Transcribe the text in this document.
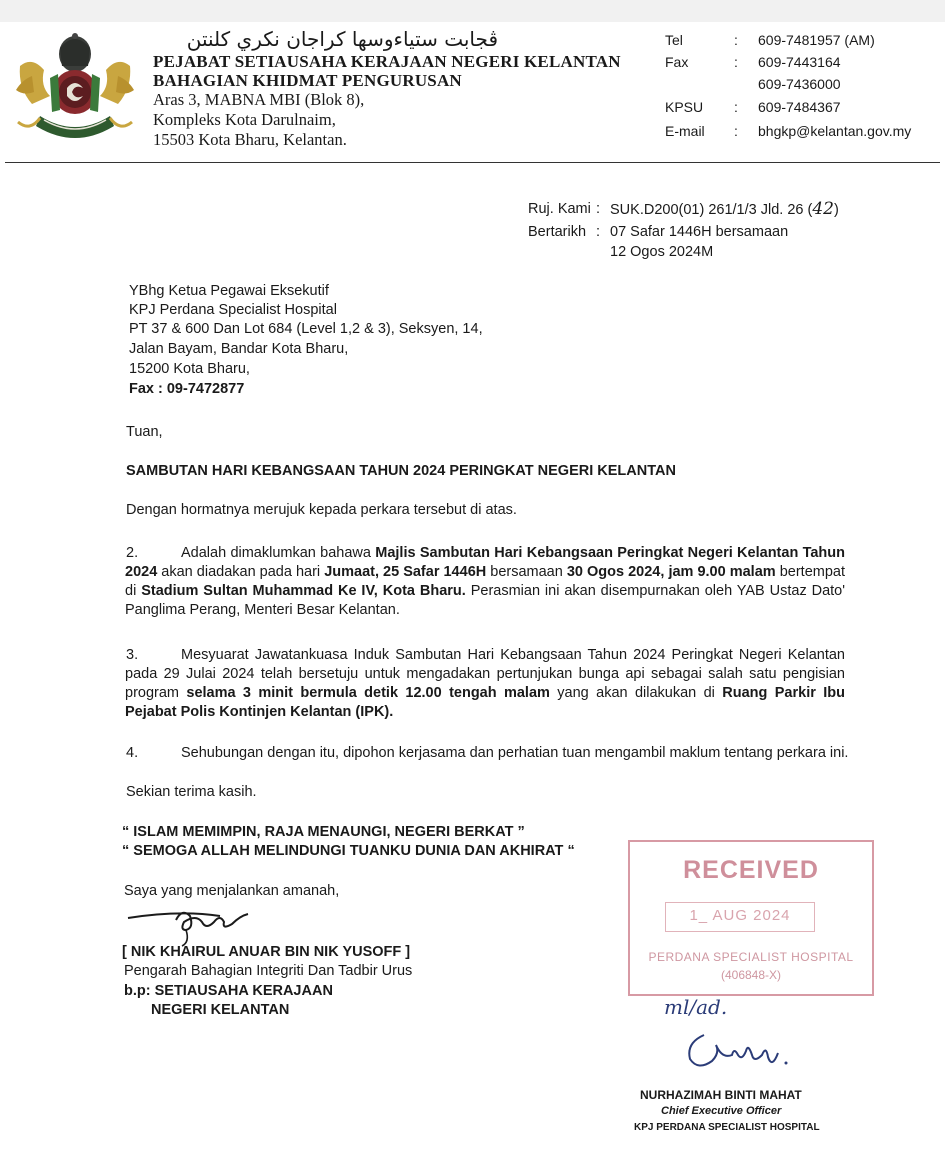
ڤجابت ستياءوسها كراجان نكري كلنتن
PEJABAT SETIAUSAHA KERAJAAN NEGERI KELANTAN
BAHAGIAN KHIDMAT PENGURUSAN
Aras 3, MABNA MBI (Blok 8),
Kompleks Kota Darulnaim,
15503 Kota Bharu, Kelantan.
Tel	: 609-7481957 (AM)
Fax	: 609-7443164
609-7436000
KPSU : 609-7484367
E-mail : bhgkp@kelantan.gov.my
Ruj. Kami : SUK.D200(01) 261/1/3 Jld. 26 (42)
Bertarikh : 07 Safar 1446H bersamaan
12 Ogos 2024M
YBhg Ketua Pegawai Eksekutif
KPJ Perdana Specialist Hospital
PT 37 & 600 Dan Lot 684 (Level 1,2 & 3), Seksyen, 14,
Jalan Bayam, Bandar Kota Bharu,
15200 Kota Bharu,
Fax : 09-7472877
Tuan,
SAMBUTAN HARI KEBANGSAAN TAHUN 2024 PERINGKAT NEGERI KELANTAN
Dengan hormatnya merujuk kepada perkara tersebut di atas.
2.	Adalah dimaklumkan bahawa Majlis Sambutan Hari Kebangsaan Peringkat Negeri Kelantan Tahun 2024 akan diadakan pada hari Jumaat, 25 Safar 1446H bersamaan 30 Ogos 2024, jam 9.00 malam bertempat di Stadium Sultan Muhammad Ke IV, Kota Bharu. Perasmian ini akan disempurnakan oleh YAB Ustaz Dato' Panglima Perang, Menteri Besar Kelantan.
3.	Mesyuarat Jawatankuasa Induk Sambutan Hari Kebangsaan Tahun 2024 Peringkat Negeri Kelantan pada 29 Julai 2024 telah bersetuju untuk mengadakan pertunjukan bunga api sebagai salah satu pengisian program selama 3 minit bermula detik 12.00 tengah malam yang akan dilakukan di Ruang Parkir Ibu Pejabat Polis Kontinjen Kelantan (IPK).
4.	Sehubungan dengan itu, dipohon kerjasama dan perhatian tuan mengambil maklum tentang perkara ini.
Sekian terima kasih.
“ ISLAM MEMIMPIN, RAJA MENAUNGI, NEGERI BERKAT ”
“ SEMOGA ALLAH MELINDUNGI TUANKU DUNIA DAN AKHIRAT “
Saya yang menjalankan amanah,
[ NIK KHAIRUL ANUAR BIN NIK YUSOFF ]
Pengarah Bahagian Integriti Dan Tadbir Urus
b.p: SETIAUSAHA KERAJAAN
NEGERI KELANTAN
RECEIVED
1_ AUG 2024
PERDANA SPECIALIST HOSPITAL
(406848-X)
ml/ad.
NURHAZIMAH BINTI MAHAT
Chief Executive Officer
KPJ PERDANA SPECIALIST HOSPITAL
